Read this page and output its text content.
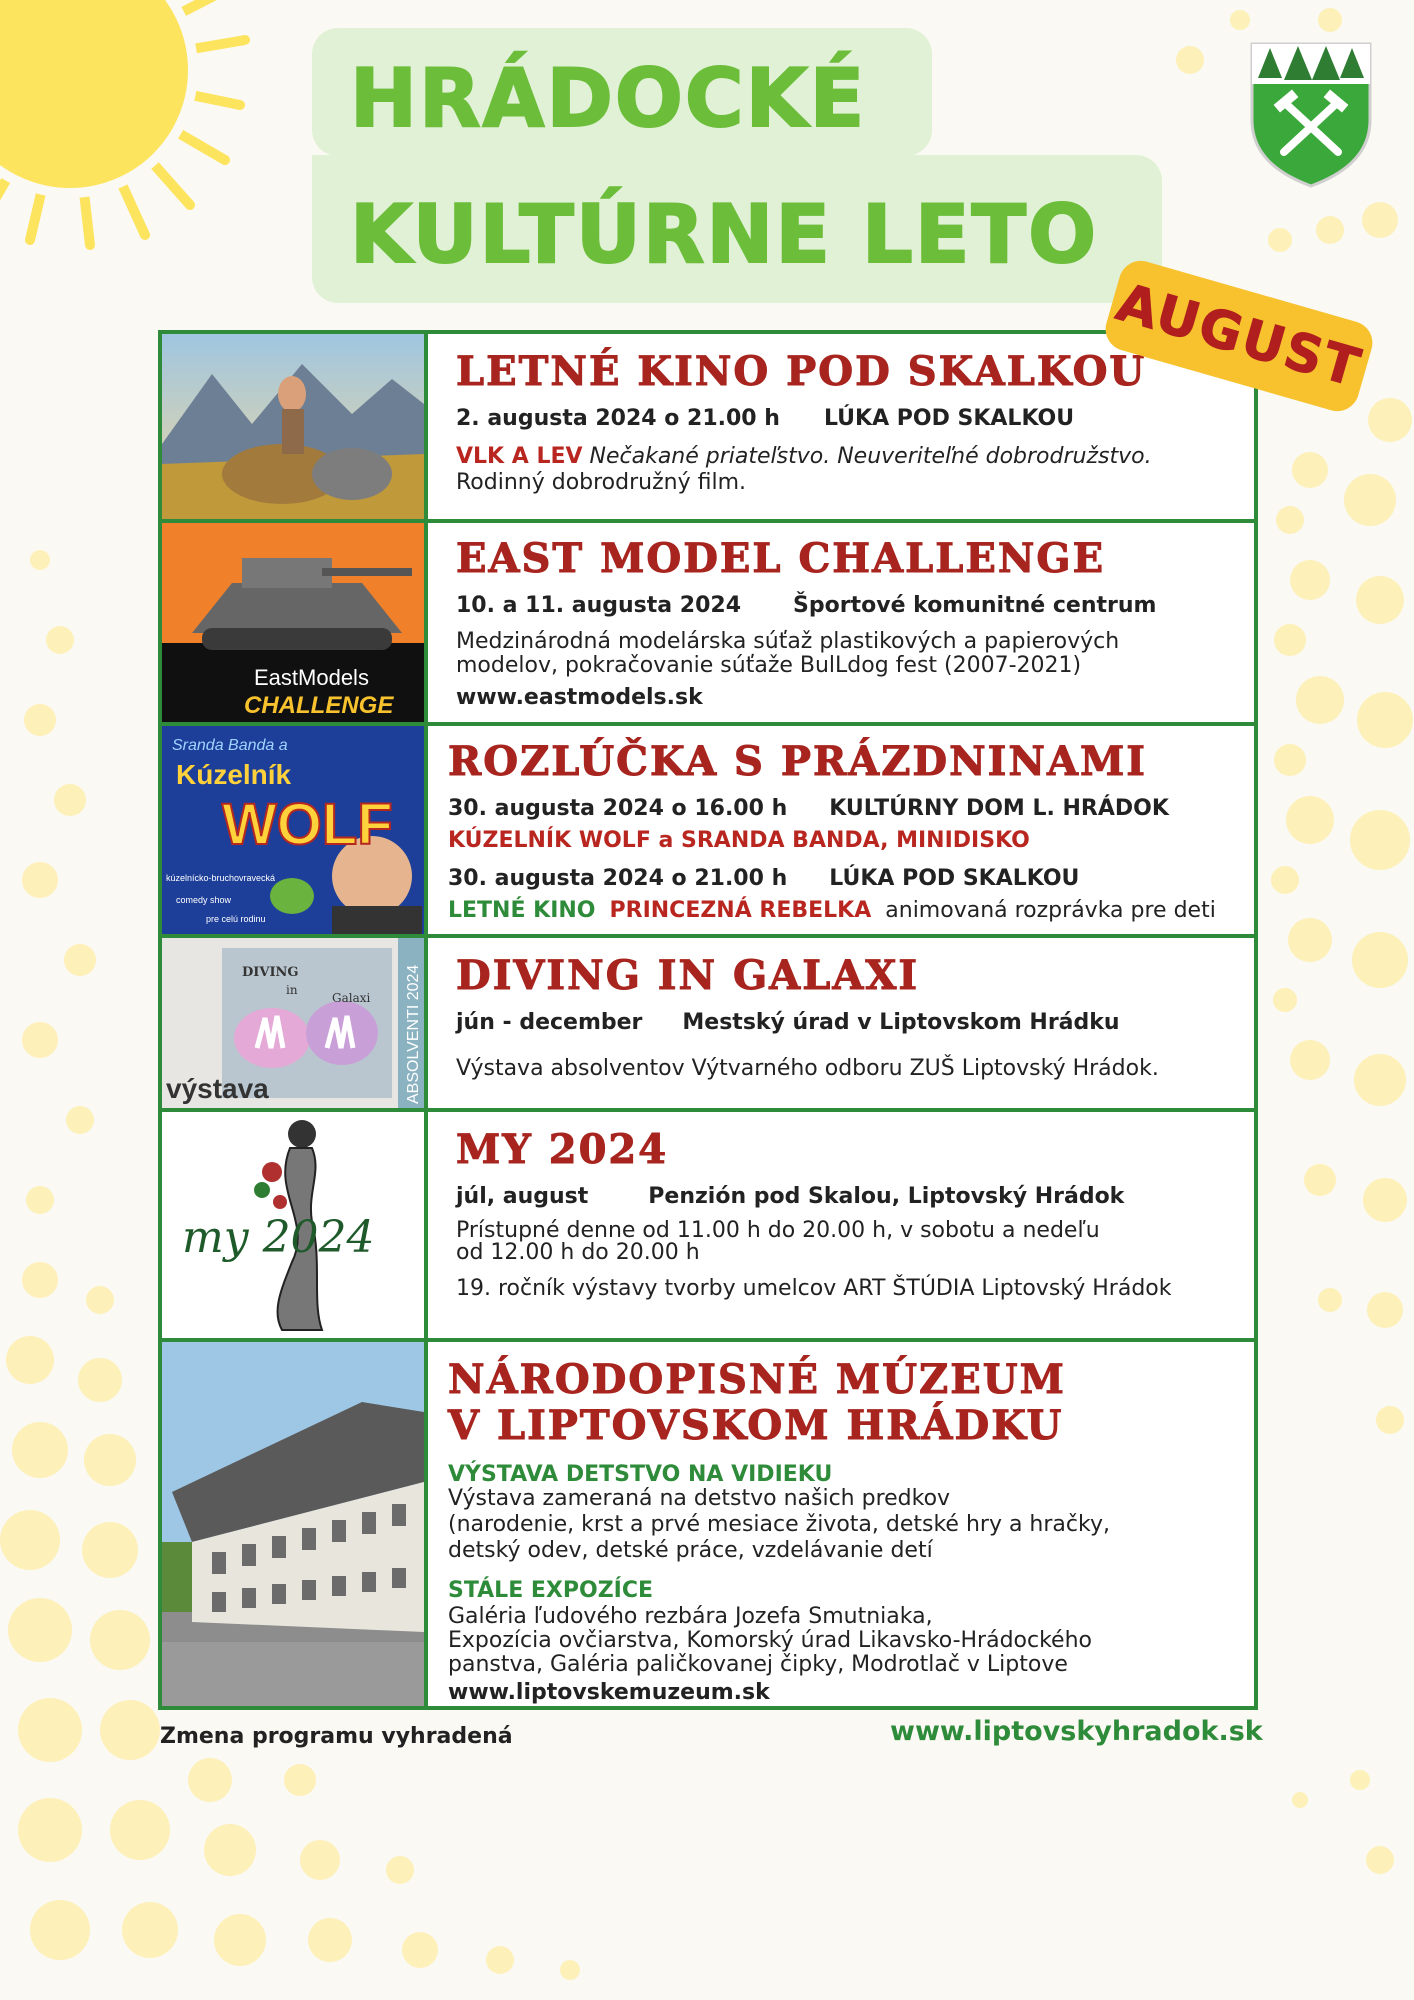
HRÁDOCKÉ
KULTÚRNE LETO
AUGUST
LETNÉ KINO POD SKALKOU
2. augusta 2024 o 21.00 h LÚKA POD SKALKOU
VLK A LEV Nečakané priateľstvo. Neuveriteľné dobrodružstvo.
Rodinný dobrodružný film.
EastModels
CHALLENGE
EAST MODEL CHALLENGE
10. a 11. augusta 2024 Športové komunitné centrum
Medzinárodná modelárska súťaž plastikových a papierových
modelov, pokračovanie súťaže BulLdog fest (2007-2021)
www.eastmodels.sk
Sranda Banda a
Kúzelník
WOLF
kúzelnícko-bruchovravecká
comedy show
pre celú rodinu
ROZLÚČKA S PRÁZDNINAMI
30. augusta 2024 o 16.00 h KULTÚRNY DOM L. HRÁDOK
KÚZELNÍK WOLF a SRANDA BANDA, MINIDISKO
30. augusta 2024 o 21.00 h LÚKA POD SKALKOU
LETNÉ KINO PRINCEZNÁ REBELKA animovaná rozprávka pre deti
DIVING
in
Galaxi
výstava	ABSOLVENTI 2024 DIVING IN GALAXI
jún - december Mestský úrad v Liptovskom Hrádku
Výstava absolventov Výtvarného odboru ZUŠ Liptovský Hrádok.
my 2024
MY 2024
júl, august	Penzión pod Skalou, Liptovský Hrádok
Prístupné denne od 11.00 h do 20.00 h, v sobotu a nedeľu
od 12.00 h do 20.00 h
19. ročník výstavy tvorby umelcov ART ŠTÚDIA Liptovský Hrádok
NÁRODOPISNÉ MÚZEUM
V LIPTOVSKOM HRÁDKU
VÝSTAVA DETSTVO NA VIDIEKU
Výstava zameraná na detstvo našich predkov
(narodenie, krst a prvé mesiace života, detské hry a hračky,
detský odev, detské práce, vzdelávanie detí
STÁLE EXPOZÍCE
Galéria ľudového rezbára Jozefa Smutniaka,
Expozícia ovčiarstva, Komorský úrad Likavsko-Hrádockého
panstva, Galéria paličkovanej čipky, Modrotlač v Liptove
www.liptovskemuzeum.sk
Zmena programu vyhradená	www.liptovskyhradok.sk
